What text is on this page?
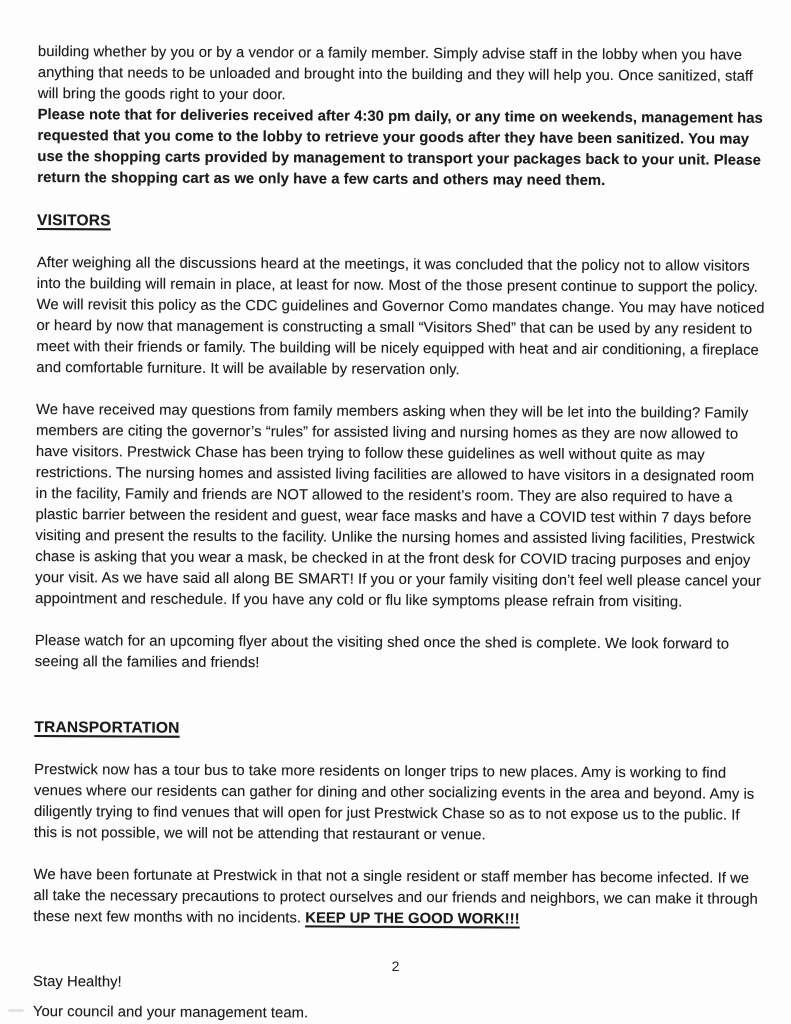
building whether by you or by a vendor or a family member. Simply advise staff in the lobby when you have anything that needs to be unloaded and brought into the building and they will help you. Once sanitized, staff will bring the goods right to your door.

Please note that for deliveries received after 4:30 pm daily, or any time on weekends, management has requested that you come to the lobby to retrieve your goods after they have been sanitized. You may use the shopping carts provided by management to transport your packages back to your unit. Please return the shopping cart as we only have a few carts and others may need them.

VISITORS

After weighing all the discussions heard at the meetings, it was concluded that the policy not to allow visitors into the building will remain in place, at least for now. Most of the those present continue to support the policy. We will revisit this policy as the CDC guidelines and Governor Como mandates change. You may have noticed or heard by now that management is constructing a small “Visitors Shed” that can be used by any resident to meet with their friends or family. The building will be nicely equipped with heat and air conditioning, a fireplace and comfortable furniture. It will be available by reservation only.

We have received may questions from family members asking when they will be let into the building? Family members are citing the governor’s “rules” for assisted living and nursing homes as they are now allowed to have visitors. Prestwick Chase has been trying to follow these guidelines as well without quite as may restrictions. The nursing homes and assisted living facilities are allowed to have visitors in a designated room in the facility, Family and friends are NOT allowed to the resident’s room. They are also required to have a plastic barrier between the resident and guest, wear face masks and have a COVID test within 7 days before visiting and present the results to the facility. Unlike the nursing homes and assisted living facilities, Prestwick chase is asking that you wear a mask, be checked in at the front desk for COVID tracing purposes and enjoy your visit. As we have said all along BE SMART! If you or your family visiting don’t feel well please cancel your appointment and reschedule. If you have any cold or flu like symptoms please refrain from visiting.

Please watch for an upcoming flyer about the visiting shed once the shed is complete. We look forward to seeing all the families and friends!

TRANSPORTATION

Prestwick now has a tour bus to take more residents on longer trips to new places. Amy is working to find venues where our residents can gather for dining and other socializing events in the area and beyond. Amy is diligently trying to find venues that will open for just Prestwick Chase so as to not expose us to the public. If this is not possible, we will not be attending that restaurant or venue.

We have been fortunate at Prestwick in that not a single resident or staff member has become infected. If we all take the necessary precautions to protect ourselves and our friends and neighbors, we can make it through these next few months with no incidents. KEEP UP THE GOOD WORK!!!

Stay Healthy!

Your council and your management team.

2
